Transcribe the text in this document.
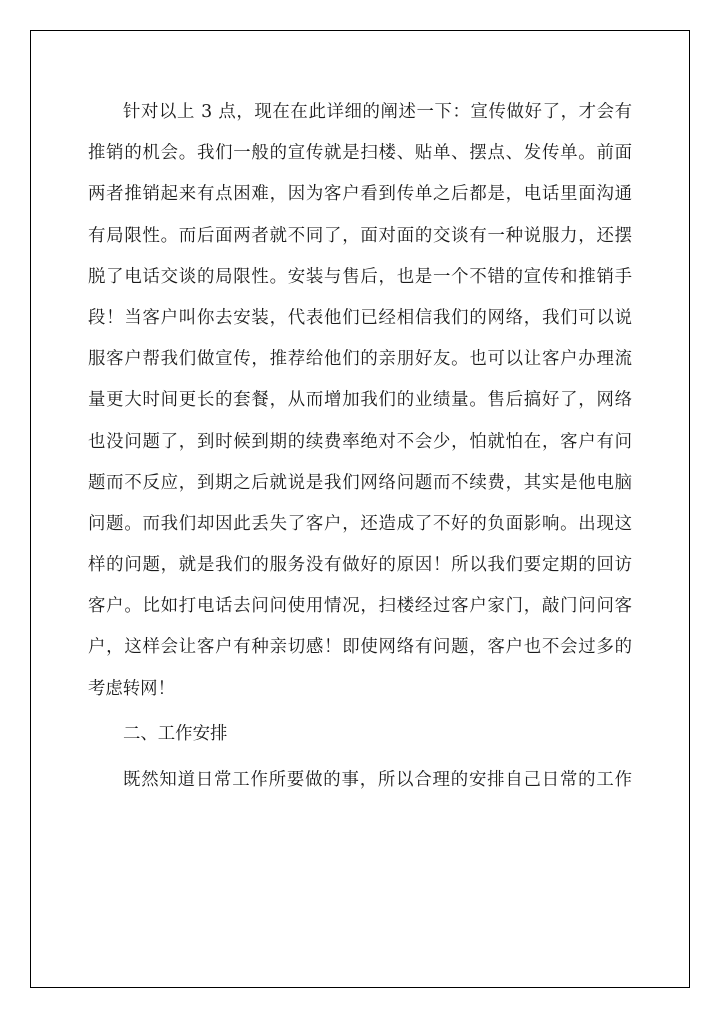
针对以上 3 点，现在在此详细的阐述一下：宣传做好了，才会有
推销的机会。我们一般的宣传就是扫楼、贴单、摆点、发传单。前面
两者推销起来有点困难，因为客户看到传单之后都是，电话里面沟通
有局限性。而后面两者就不同了，面对面的交谈有一种说服力，还摆
脱了电话交谈的局限性。安装与售后，也是一个不错的宣传和推销手
段！当客户叫你去安装，代表他们已经相信我们的网络，我们可以说
服客户帮我们做宣传，推荐给他们的亲朋好友。也可以让客户办理流
量更大时间更长的套餐，从而增加我们的业绩量。售后搞好了，网络
也没问题了，到时候到期的续费率绝对不会少，怕就怕在，客户有问
题而不反应，到期之后就说是我们网络问题而不续费，其实是他电脑
问题。而我们却因此丢失了客户，还造成了不好的负面影响。出现这
样的问题，就是我们的服务没有做好的原因！所以我们要定期的回访
客户。比如打电话去问问使用情况，扫楼经过客户家门，敲门问问客
户，这样会让客户有种亲切感！即使网络有问题，客户也不会过多的
考虑转网！
二、工作安排
既然知道日常工作所要做的事，所以合理的安排自己日常的工作
